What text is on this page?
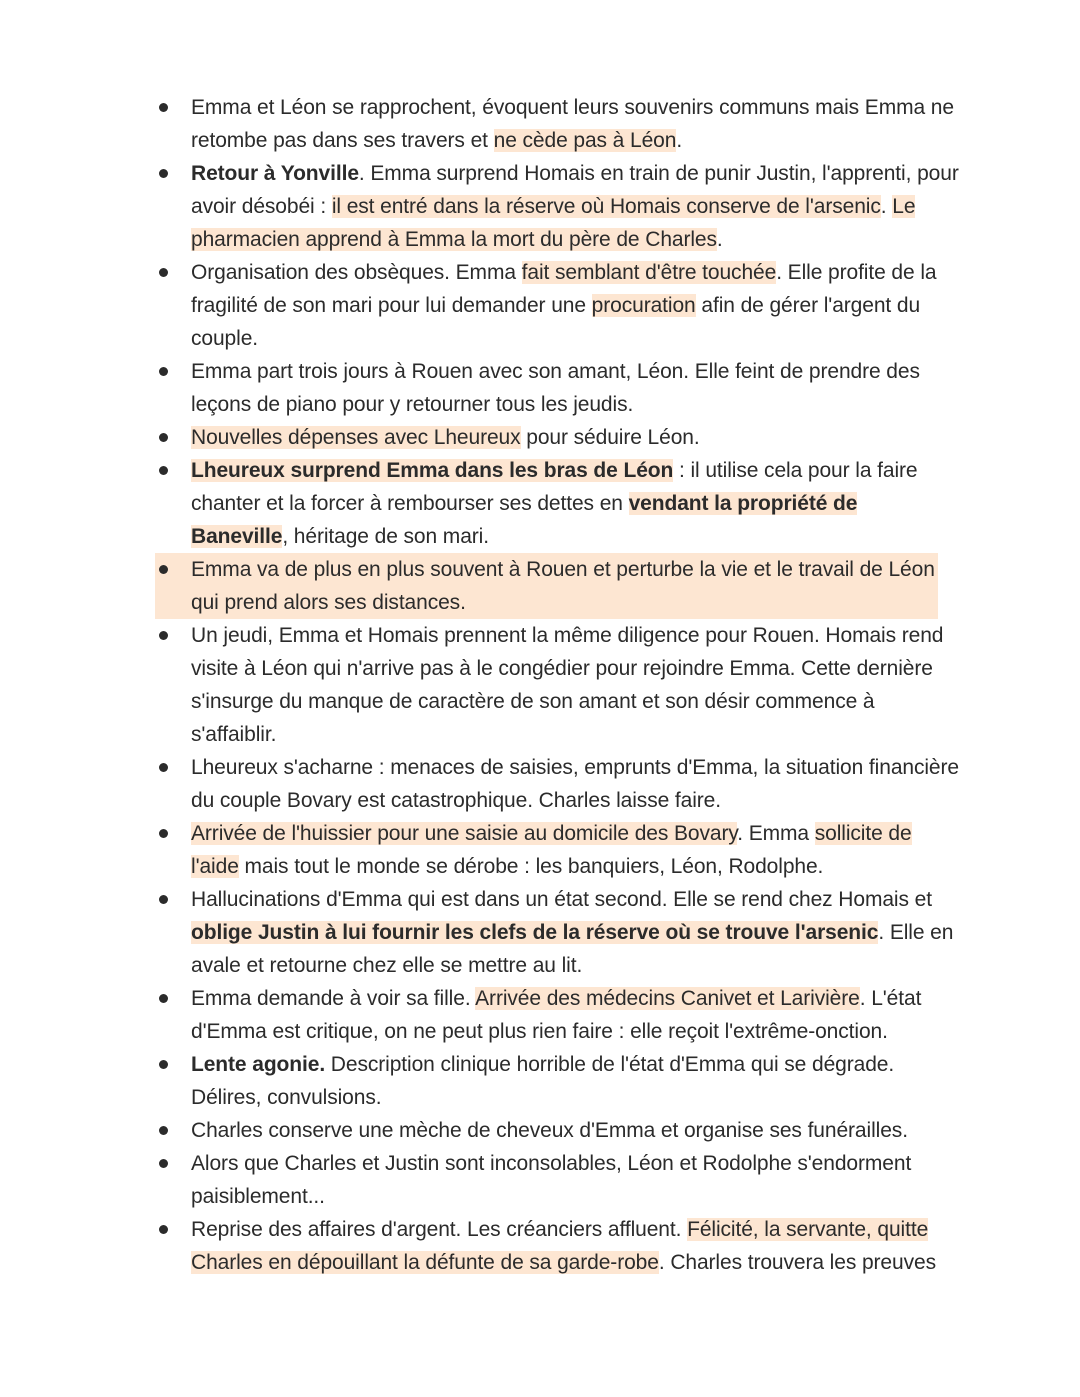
Emma et Léon se rapprochent, évoquent leurs souvenirs communs mais Emma ne retombe pas dans ses travers et ne cède pas à Léon.
Retour à Yonville. Emma surprend Homais en train de punir Justin, l'apprenti, pour avoir désobéi : il est entré dans la réserve où Homais conserve de l'arsenic. Le pharmacien apprend à Emma la mort du père de Charles.
Organisation des obsèques. Emma fait semblant d'être touchée. Elle profite de la fragilité de son mari pour lui demander une procuration afin de gérer l'argent du couple.
Emma part trois jours à Rouen avec son amant, Léon. Elle feint de prendre des leçons de piano pour y retourner tous les jeudis.
Nouvelles dépenses avec Lheureux pour séduire Léon.
Lheureux surprend Emma dans les bras de Léon : il utilise cela pour la faire chanter et la forcer à rembourser ses dettes en vendant la propriété de Baneville, héritage de son mari.
Emma va de plus en plus souvent à Rouen et perturbe la vie et le travail de Léon qui prend alors ses distances.
Un jeudi, Emma et Homais prennent la même diligence pour Rouen. Homais rend visite à Léon qui n'arrive pas à le congédier pour rejoindre Emma. Cette dernière s'insurge du manque de caractère de son amant et son désir commence à s'affaiblir.
Lheureux s'acharne : menaces de saisies, emprunts d'Emma, la situation financière du couple Bovary est catastrophique. Charles laisse faire.
Arrivée de l'huissier pour une saisie au domicile des Bovary. Emma sollicite de l'aide mais tout le monde se dérobe : les banquiers, Léon, Rodolphe.
Hallucinations d'Emma qui est dans un état second. Elle se rend chez Homais et oblige Justin à lui fournir les clefs de la réserve où se trouve l'arsenic. Elle en avale et retourne chez elle se mettre au lit.
Emma demande à voir sa fille. Arrivée des médecins Canivet et Larivière. L'état d'Emma est critique, on ne peut plus rien faire : elle reçoit l'extrême-onction.
Lente agonie. Description clinique horrible de l'état d'Emma qui se dégrade. Délires, convulsions.
Charles conserve une mèche de cheveux d'Emma et organise ses funérailles.
Alors que Charles et Justin sont inconsolables, Léon et Rodolphe s'endorment paisiblement...
Reprise des affaires d'argent. Les créanciers affluent. Félicité, la servante, quitte Charles en dépouillant la défunte de sa garde-robe. Charles trouvera les preuves
